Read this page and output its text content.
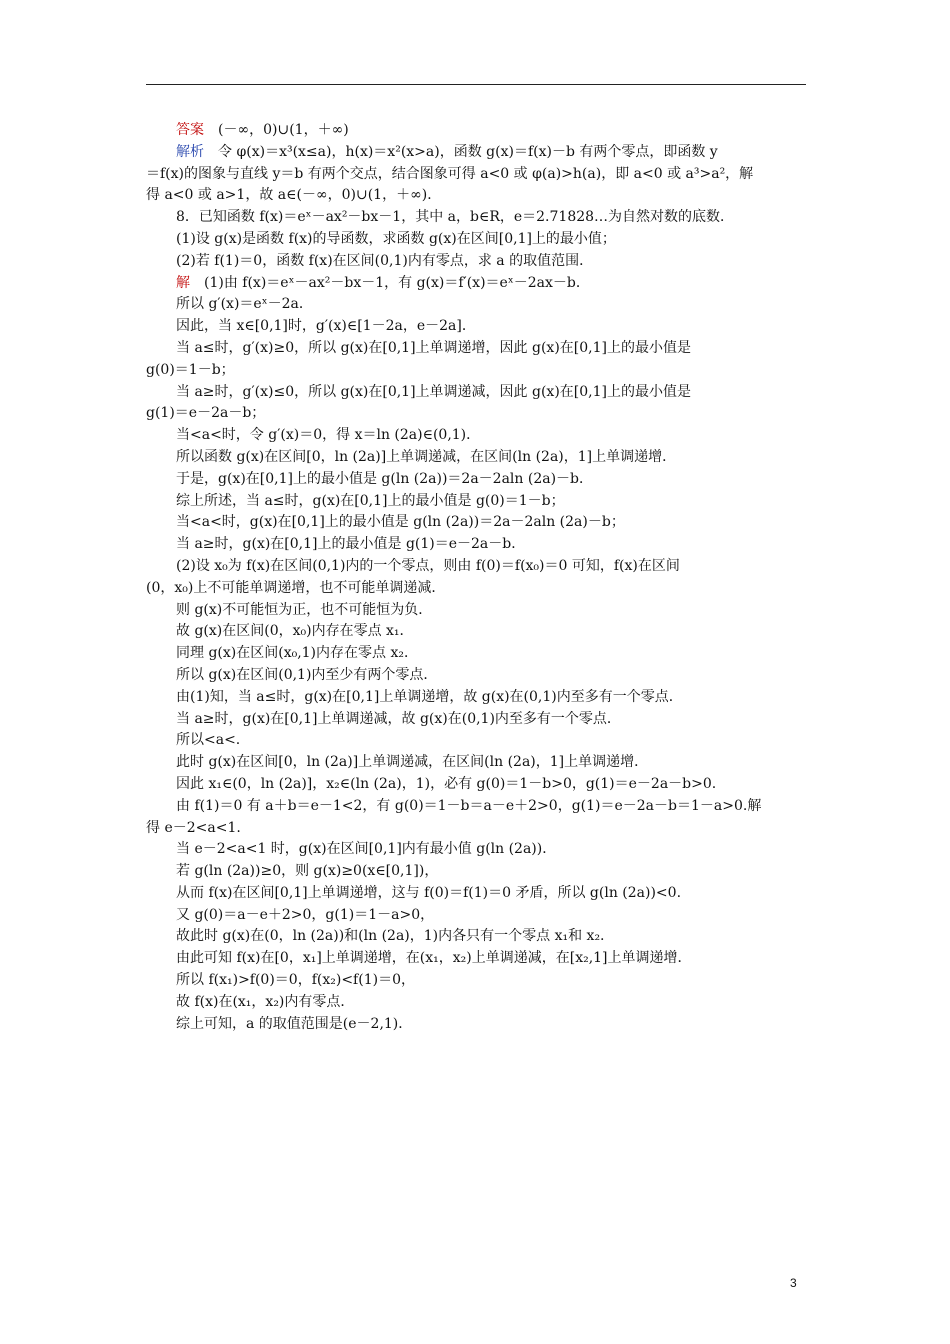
答案　(－∞，0)∪(1，＋∞)
解析　令 φ(x)＝x³(x≤a)，h(x)＝x²(x>a)，函数 g(x)＝f(x)－b 有两个零点，即函数 y
＝f(x)的图象与直线 y＝b 有两个交点，结合图象可得 a<0 或 φ(a)>h(a)，即 a<0 或 a³>a²，解
得 a<0 或 a>1，故 a∈(－∞，0)∪(1，＋∞)．
8．已知函数 f(x)＝eˣ－ax²－bx－1，其中 a，b∈R，e＝2.71828…为自然对数的底数．
(1)设 g(x)是函数 f(x)的导函数，求函数 g(x)在区间[0,1]上的最小值；
(2)若 f(1)＝0，函数 f(x)在区间(0,1)内有零点，求 a 的取值范围．
解　(1)由 f(x)＝eˣ－ax²－bx－1，有 g(x)＝f′(x)＝eˣ－2ax－b．
所以 g′(x)＝eˣ－2a．
因此，当 x∈[0,1]时，g′(x)∈[1－2a，e－2a]．
当 a≤时，g′(x)≥0，所以 g(x)在[0,1]上单调递增，因此 g(x)在[0,1]上的最小值是
g(0)＝1－b；
当 a≥时，g′(x)≤0，所以 g(x)在[0,1]上单调递减，因此 g(x)在[0,1]上的最小值是
g(1)＝e－2a－b；
当<a<时，令 g′(x)＝0，得 x＝ln (2a)∈(0,1)．
所以函数 g(x)在区间[0，ln (2a)]上单调递减，在区间(ln (2a)，1]上单调递增．
于是，g(x)在[0,1]上的最小值是 g(ln (2a))＝2a－2aln (2a)－b．
综上所述，当 a≤时，g(x)在[0,1]上的最小值是 g(0)＝1－b；
当<a<时，g(x)在[0,1]上的最小值是 g(ln (2a))＝2a－2aln (2a)－b；
当 a≥时，g(x)在[0,1]上的最小值是 g(1)＝e－2a－b．
(2)设 x₀为 f(x)在区间(0,1)内的一个零点，则由 f(0)＝f(x₀)＝0 可知，f(x)在区间
(0，x₀)上不可能单调递增，也不可能单调递减．
则 g(x)不可能恒为正，也不可能恒为负．
故 g(x)在区间(0，x₀)内存在零点 x₁．
同理 g(x)在区间(x₀,1)内存在零点 x₂．
所以 g(x)在区间(0,1)内至少有两个零点．
由(1)知，当 a≤时，g(x)在[0,1]上单调递增，故 g(x)在(0,1)内至多有一个零点．
当 a≥时，g(x)在[0,1]上单调递减，故 g(x)在(0,1)内至多有一个零点．
所以<a<.
此时 g(x)在区间[0，ln (2a)]上单调递减，在区间(ln (2a)，1]上单调递增．
因此 x₁∈(0，ln (2a)]，x₂∈(ln (2a)，1)，必有 g(0)＝1－b>0，g(1)＝e－2a－b>0.
由 f(1)＝0 有 a＋b＝e－1<2，有 g(0)＝1－b＝a－e＋2>0，g(1)＝e－2a－b＝1－a>0.解
得 e－2<a<1.
当 e－2<a<1 时，g(x)在区间[0,1]内有最小值 g(ln (2a))．
若 g(ln (2a))≥0，则 g(x)≥0(x∈[0,1])，
从而 f(x)在区间[0,1]上单调递增，这与 f(0)＝f(1)＝0 矛盾，所以 g(ln (2a))<0.
又 g(0)＝a－e＋2>0，g(1)＝1－a>0，
故此时 g(x)在(0，ln (2a))和(ln (2a)，1)内各只有一个零点 x₁和 x₂.
由此可知 f(x)在[0，x₁]上单调递增，在(x₁，x₂)上单调递减，在[x₂,1]上单调递增．
所以 f(x₁)>f(0)＝0，f(x₂)<f(1)＝0，
故 f(x)在(x₁，x₂)内有零点．
综上可知，a 的取值范围是(e－2,1)．
3
